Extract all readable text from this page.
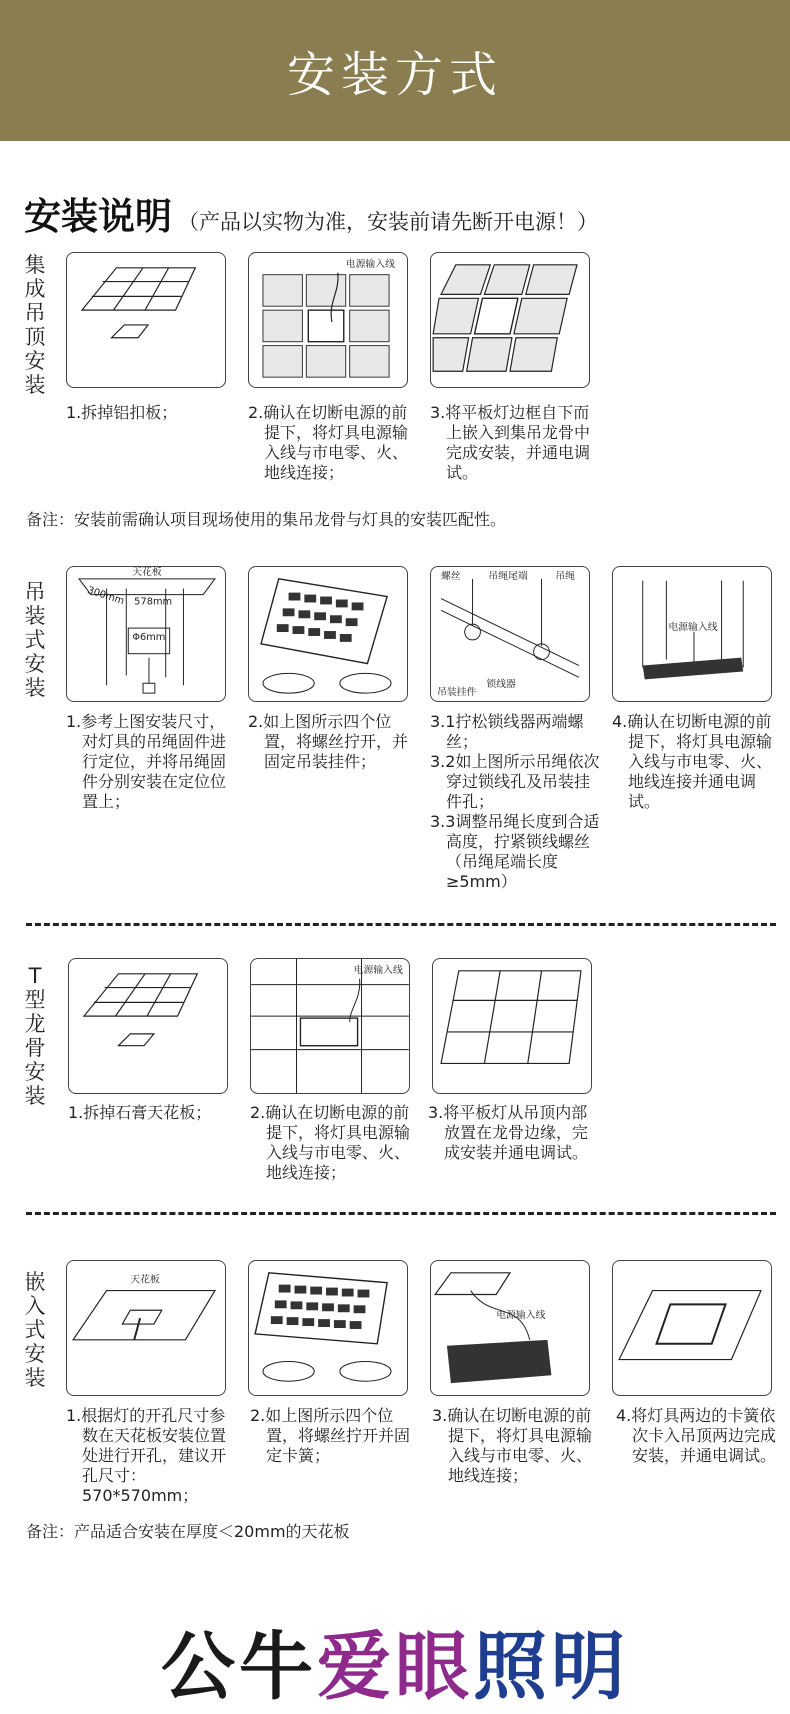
安装方式
安装说明 （产品以实物为准，安装前请先断开电源！）
集成吊顶安装
电源输入线
1.拆掉铝扣板；	2.确认在切断电源的前提下，将灯具电源输入线与市电零、火、地线连接；
3.将平板灯边框自下而上嵌入到集吊龙骨中完成安装，并通电调试。
备注：安装前需确认项目现场使用的集吊龙骨与灯具的安装匹配性。
吊装式安装
天花板
300mm 578mm
Φ6mm
螺丝	吊绳尾端	吊绳
吊装挂件
锁线器
电源输入线
1.参考上图安装尺寸，对灯具的吊绳固件进行定位，并将吊绳固件分别安装在定位位置上；
2.如上图所示四个位置，将螺丝拧开，并固定吊装挂件；
3.1拧松锁线器两端螺丝；
3.2如上图所示吊绳依次穿过锁线孔及吊装挂件孔；
3.3调整吊绳长度到合适高度，拧紧锁线螺丝（吊绳尾端长度≥5mm）
4.确认在切断电源的前提下，将灯具电源输入线与市电零、火、地线连接并通电调试。
T型龙骨安装
电源输入线
1.拆掉石膏天花板；	2.确认在切断电源的前提下，将灯具电源输入线与市电零、火、地线连接；
3.将平板灯从吊顶内部放置在龙骨边缘，完成安装并通电调试。
嵌入式安装
天花板
电源输入线
1.根据灯的开孔尺寸参数在天花板安装位置处进行开孔，建议开孔尺寸：570*570mm；
2.如上图所示四个位置，将螺丝拧开并固定卡簧；
3.确认在切断电源的前提下，将灯具电源输入线与市电零、火、地线连接；
4.将灯具两边的卡簧依次卡入吊顶两边完成安装，并通电调试。
备注：产品适合安装在厚度＜20mm的天花板
公牛爱眼照明
